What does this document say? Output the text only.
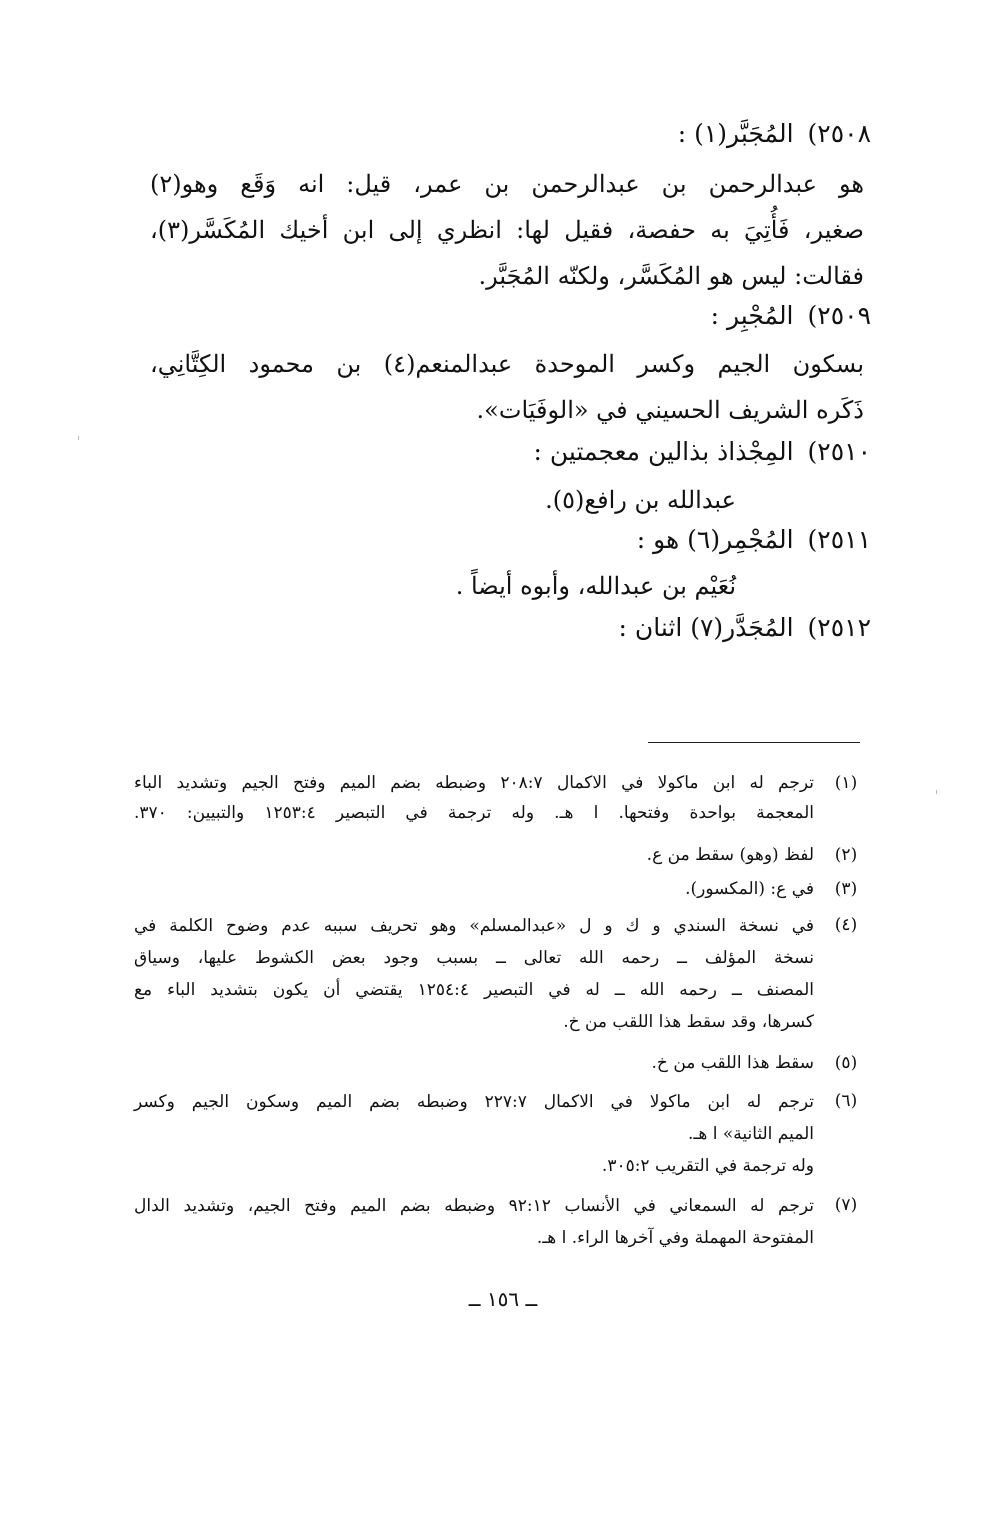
٢٥٠٨)المُجَبَّر(١) :
هو عبدالرحمن بن عبدالرحمن بن عمر، قيل: انه وَقَع وهو(٢)
صغير، فَأُتِيَ به حفصة، فقيل لها: انظري إلى ابن أخيك المُكَسَّر(٣)،
فقالت: ليس هو المُكَسَّر، ولكنّه المُجَبَّر.
٢٥٠٩)المُجْبِر :
بسكون الجيم وكسر الموحدة عبدالمنعم(٤) بن محمود الكِتَّانِي،
ذَكَره الشريف الحسيني في «الوفَيَات».
٢٥١٠)المِجْذاذ بذالين معجمتين :
عبدالله بن رافع(٥).
٢٥١١)المُجْمِر(٦) هو :
نُعَيْم بن عبدالله، وأبوه أيضاً .
٢٥١٢)المُجَدَّر(٧) اثنان :
(١)
ترجم له ابن ماكولا في الاكمال ٢٠٨:٧ وضبطه بضم الميم وفتح الجيم وتشديد الباء
المعجمة بواحدة وفتحها. ا هـ. وله ترجمة في التبصير ١٢٥٣:٤ والتبيين: ٣٧٠.
(٢)
لفظ (وهو) سقط من ع.
(٣)
في ع: (المكسور).
(٤)
في نسخة السندي و ك و ل «عبدالمسلم» وهو تحريف سببه عدم وضوح الكلمة في
نسخة المؤلف ــ رحمه الله تعالى ــ بسبب وجود بعض الكشوط عليها، وسياق
المصنف ــ رحمه الله ــ له في التبصير ١٢٥٤:٤ يقتضي أن يكون بتشديد الباء مع
كسرها، وقد سقط هذا اللقب من خ.
(٥)
سقط هذا اللقب من خ.
(٦)
ترجم له ابن ماكولا في الاكمال ٢٢٧:٧ وضبطه بضم الميم وسكون الجيم وكسر
الميم الثانية» ا هـ.
وله ترجمة في التقريب ٣٠٥:٢.
(٧)
ترجم له السمعاني في الأنساب ٩٢:١٢ وضبطه بضم الميم وفتح الجيم، وتشديد الدال
المفتوحة المهملة وفي آخرها الراء. ا هـ.
ــ ١٥٦ ــ
